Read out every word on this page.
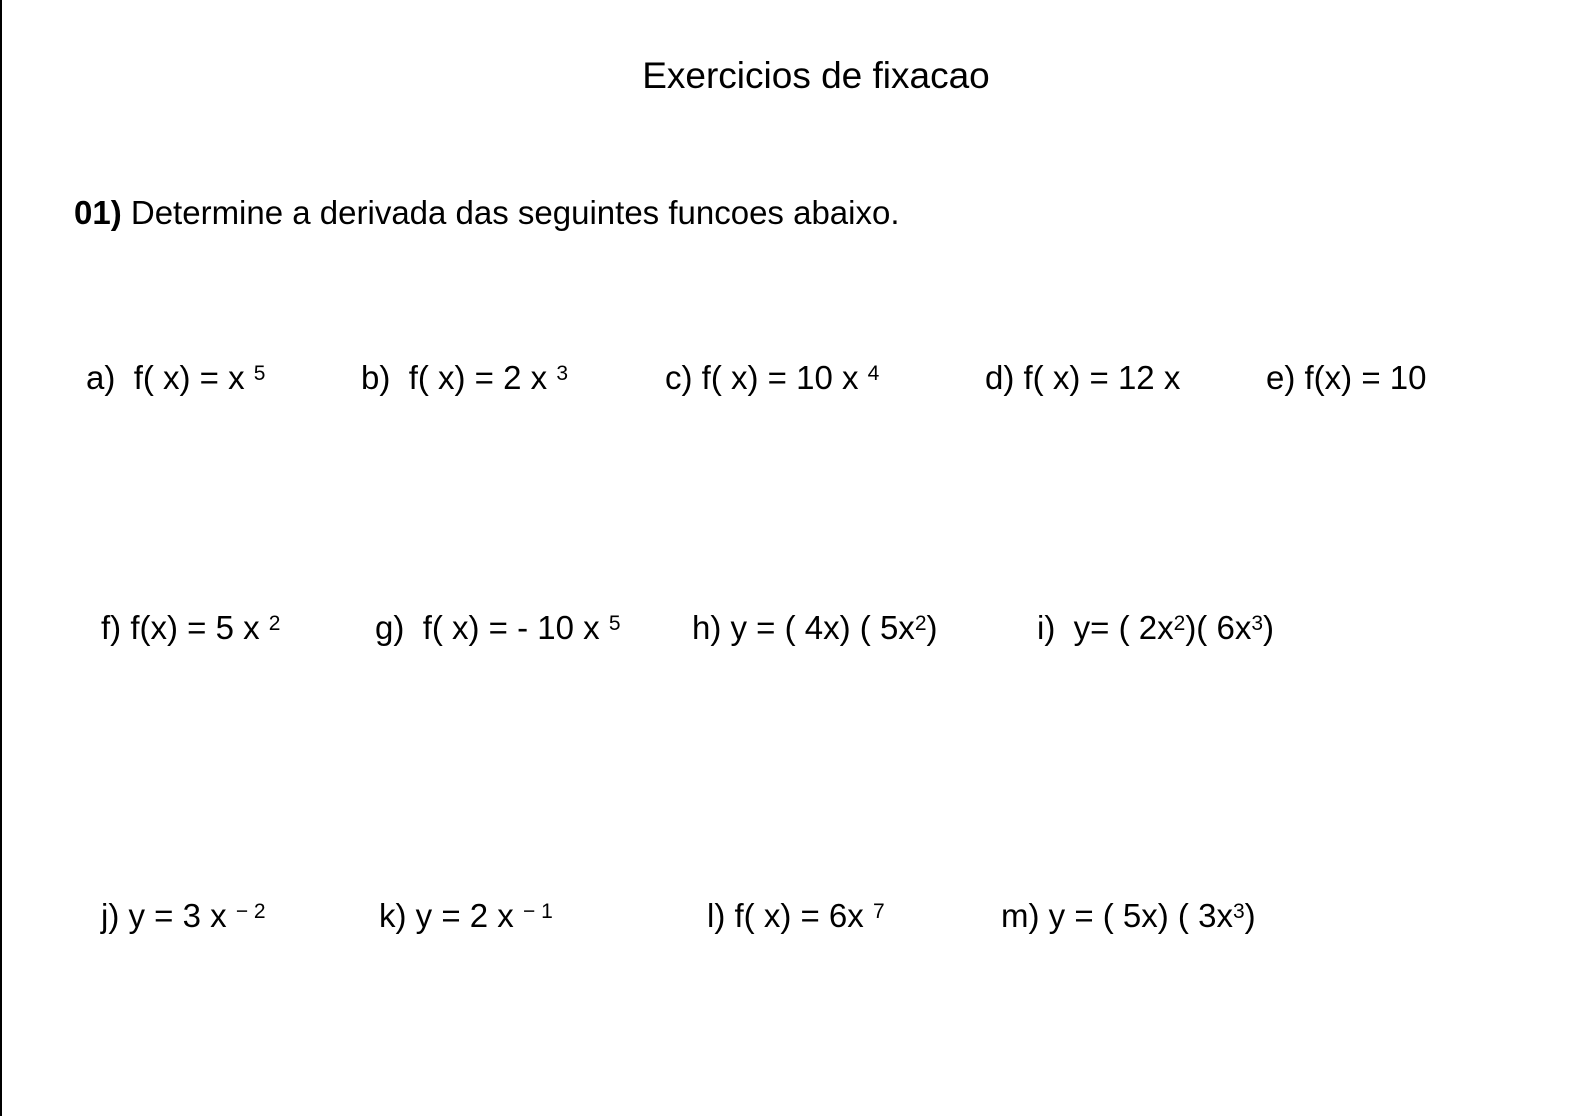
Exercicios de fixacao
01) Determine a derivada das seguintes funcoes abaixo.
a) f( x) = x $^5$	b) f( x) = 2 x $^3$	c) f( x) = 10 x $^4$	d) f( x) = 12 x	e) f(x) = 10
f) f(x) = 5 x $^2$	g) f( x) = - 10 x $^5$ h) y = ( 4x) ( $5x^2$)	i) y= ( $2x^2$)( $6x^3$)
j) y = 3 x $^{- 2}$	k) y = 2 x $^{- 1}$	l) f( x) = 6x $^7$	m) y = ( 5x) ( $3x^3$)
